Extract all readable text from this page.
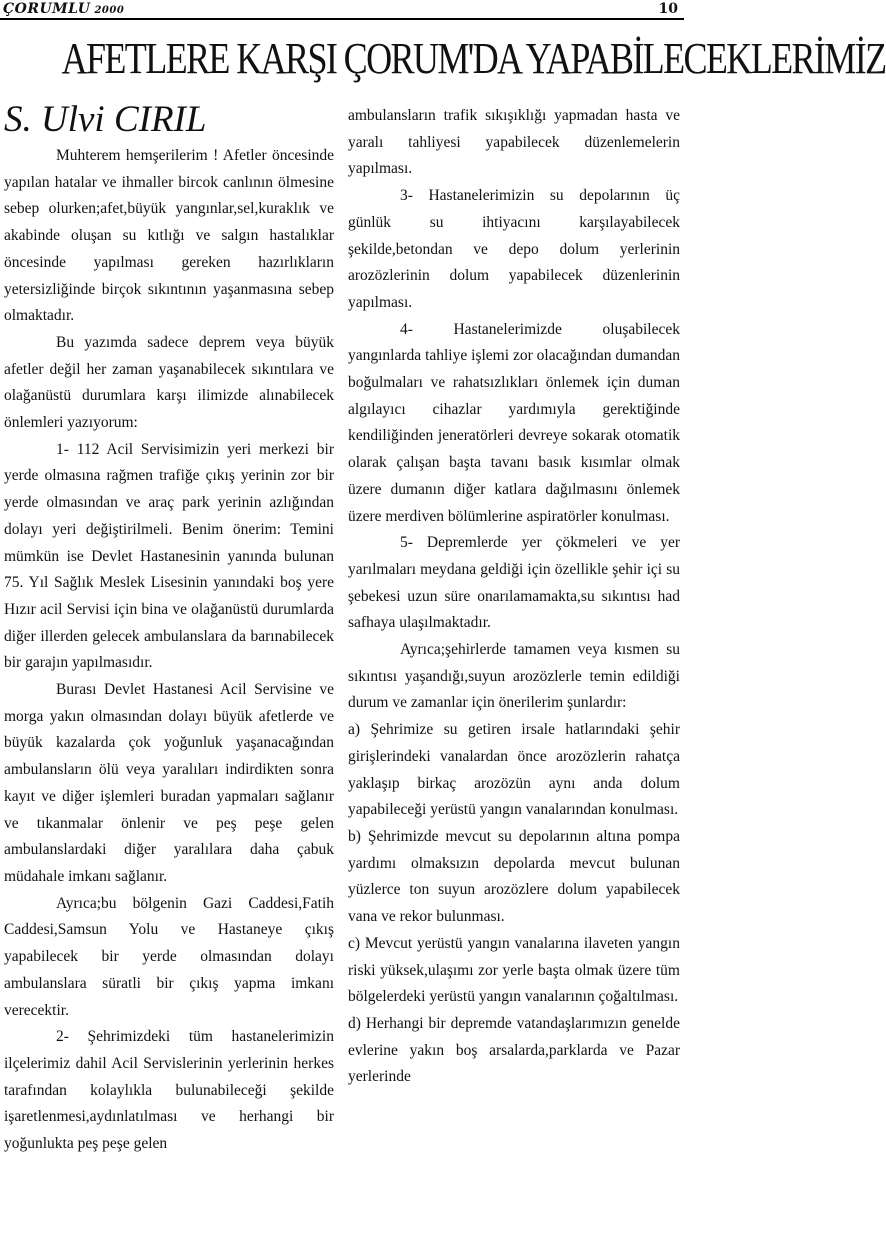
ÇORUMLU 2000	10
AFETLERE KARŞI ÇORUM'DA YAPABİLECEKLERİMİZ
S. Ulvi CIRIL

Muhterem hemşerilerim ! Afetler öncesinde yapılan hatalar ve ihmaller bircok canlının ölmesine sebep olurken;afet,büyük yangınlar,sel,kuraklık ve akabinde oluşan su kıtlığı ve salgın hastalıklar öncesinde yapılması gereken hazırlıkların yetersizliğinde birçok sıkıntının yaşanmasına sebep olmaktadır.

Bu yazımda sadece deprem veya büyük afetler değil her zaman yaşanabilecek sıkıntılara ve olağanüstü durumlara karşı ilimizde alınabilecek önlemleri yazıyorum:

1- 112 Acil Servisimizin yeri merkezi bir yerde olmasına rağmen trafiğe çıkış yerinin zor bir yerde olmasından ve araç park yerinin azlığından dolayı yeri değiştirilmeli. Benim önerim: Temini mümkün ise Devlet Hastanesinin yanında bulunan 75. Yıl Sağlık Meslek Lisesinin yanındaki boş yere Hızır acil Servisi için bina ve olağanüstü durumlarda diğer illerden gelecek ambulanslara da barınabilecek bir garajın yapılmasıdır.

Burası Devlet Hastanesi Acil Servisine ve morga yakın olmasından dolayı büyük afetlerde ve büyük kazalarda çok yoğunluk yaşanacağından ambulansların ölü veya yaralıları indirdikten sonra kayıt ve diğer işlemleri buradan yapmaları sağlanır ve tıkanmalar önlenir ve peş peşe gelen ambulanslardaki diğer yaralılara daha çabuk müdahale imkanı sağlanır.

Ayrıca;bu bölgenin Gazi Caddesi,Fatih Caddesi,Samsun Yolu ve Hastaneye çıkış yapabilecek bir yerde olmasından dolayı ambulanslara süratli bir çıkış yapma imkanı verecektir.

2- Şehrimizdeki tüm hastanelerimizin ilçelerimiz dahil Acil Servislerinin yerlerinin herkes tarafından kolaylıkla bulunabileceği şekilde işaretlenmesi,aydınlatılması ve herhangi bir yoğunlukta peş peşe gelen

ambulansların trafik sıkışıklığı yapmadan hasta ve yaralı tahliyesi yapabilecek düzenlemelerin yapılması.

3- Hastanelerimizin su depolarının üç günlük su ihtiyacını karşılayabilecek şekilde,betondan ve depo dolum yerlerinin arozözlerinin dolum yapabilecek düzenlerinin yapılması.

4- Hastanelerimizde oluşabilecek yangınlarda tahliye işlemi zor olacağından dumandan boğulmaları ve rahatsızlıkları önlemek için duman algılayıcı cihazlar yardımıyla gerektiğinde kendiliğinden jeneratörleri devreye sokarak otomatik olarak çalışan başta tavanı basık kısımlar olmak üzere dumanın diğer katlara dağılmasını önlemek üzere merdiven bölümlerine aspiratörler konulması.

5- Depremlerde yer çökmeleri ve yer yarılmaları meydana geldiği için özellikle şehir içi su şebekesi uzun süre onarılamamakta,su sıkıntısı had safhaya ulaşılmaktadır.

Ayrıca;şehirlerde tamamen veya kısmen su sıkıntısı yaşandığı,suyun arozözlerle temin edildiği durum ve zamanlar için önerilerim şunlardır:

a) Şehrimize su getiren irsale hatlarındaki şehir girişlerindeki vanalardan önce arozözlerin rahatça yaklaşıp birkaç arozözün aynı anda dolum yapabileceği yerüstü yangın vanalarından konulması.

b) Şehrimizde mevcut su depolarının altına pompa yardımı olmaksızın depolarda mevcut bulunan yüzlerce ton suyun arozözlere dolum yapabilecek vana ve rekor bulunması.

c) Mevcut yerüstü yangın vanalarına ilaveten yangın riski yüksek,ulaşımı zor yerle başta olmak üzere tüm bölgelerdeki yerüstü yangın vanalarının çoğaltılması.

d) Herhangi bir depremde vatandaşlarımızın genelde evlerine yakın boş arsalarda,parklarda ve Pazar yerlerinde
